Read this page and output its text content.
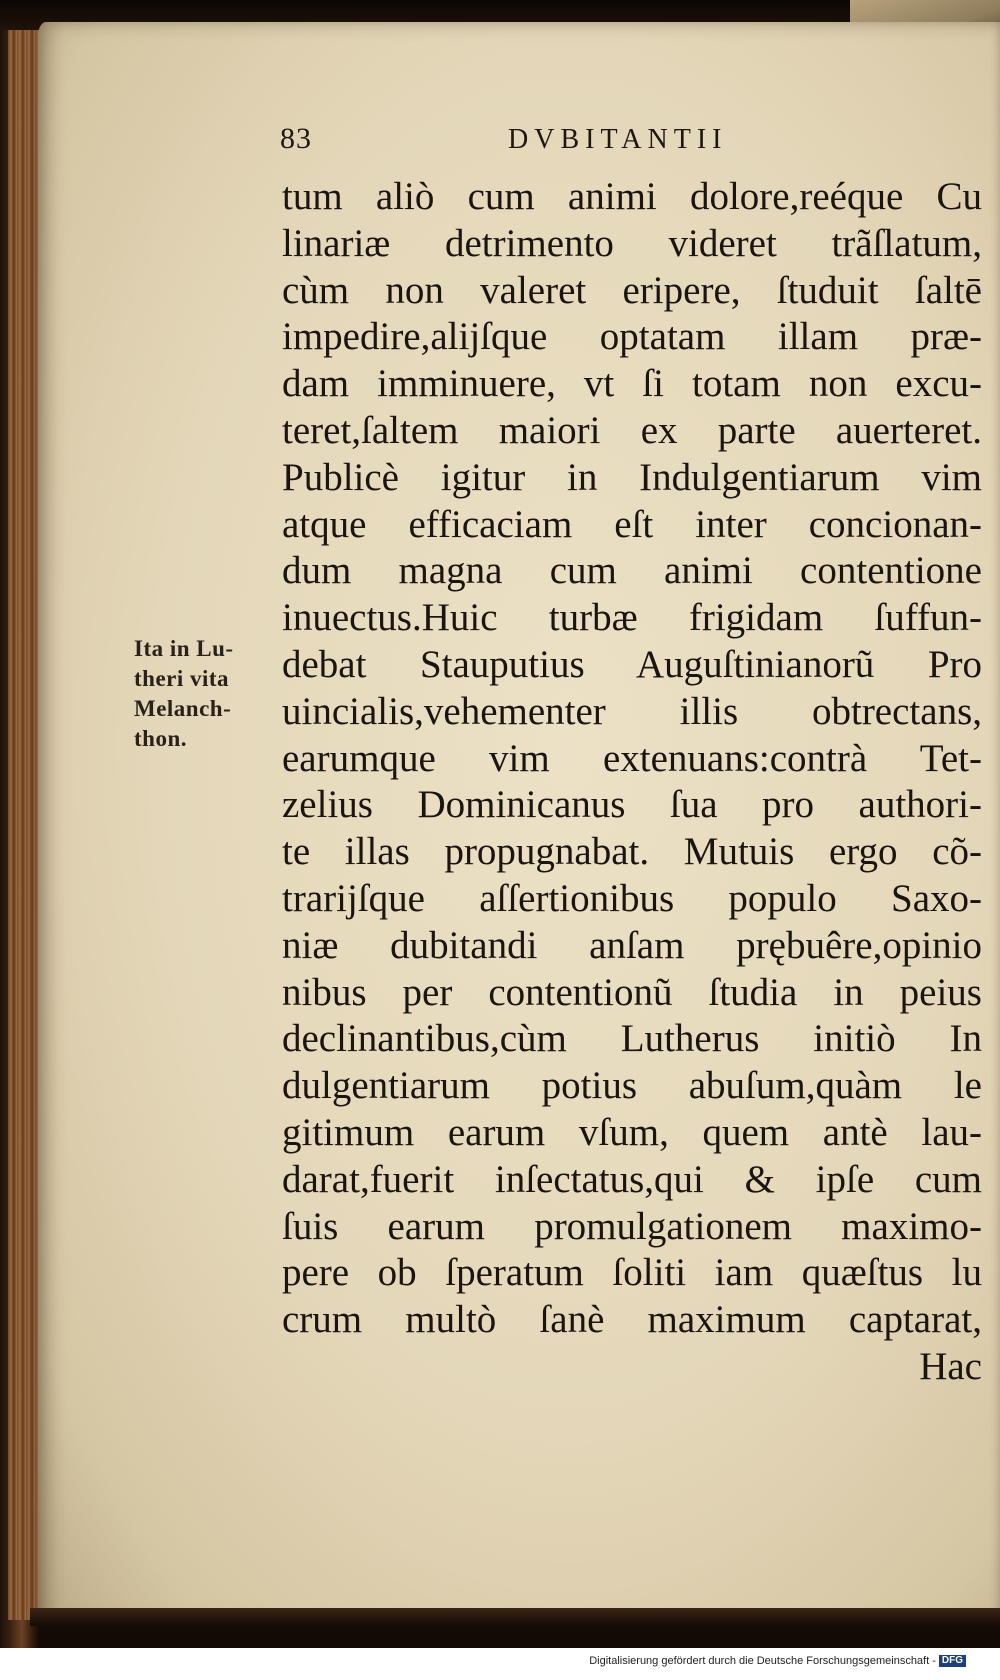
83	DVBITANTII
tum aliò cum animi dolore,reéque Cu
linariæ detrimento videret trãſlatum,
cùm non valeret eripere, ſtuduit ſaltē
impedire,alijſque optatam illam præ-
dam imminuere, vt ſi totam non excu-
teret,ſaltem maiori ex parte auerteret.
Publicè igitur in Indulgentiarum vim
atque efficaciam eſt inter concionan-
dum magna cum animi contentione
inuectus.Huic turbæ frigidam ſuffun-
debat Stauputius Auguſtinianorũ Pro
uincialis,vehementer illis obtrectans,
earumque vim extenuans:contrà Tet-
zelius Dominicanus ſua pro authori-
te illas propugnabat. Mutuis ergo cõ-
trarijſque aſſertionibus populo Saxo-
niæ dubitandi anſam prębuêre,opinio
nibus per contentionũ ſtudia in peius
declinantibus,cùm Lutherus initiò In
dulgentiarum potius abuſum,quàm le
gitimum earum vſum, quem antè lau-
darat,fuerit inſectatus,qui & ipſe cum
ſuis earum promulgationem maximo-
pere ob ſperatum ſoliti iam quæſtus lu
crum multò ſanè maximum captarat,
Hac
Ita in Lu-
theri vita
Melanch-
thon.
Digitalisierung gefördert durch die Deutsche Forschungsgemeinschaft - DFG
